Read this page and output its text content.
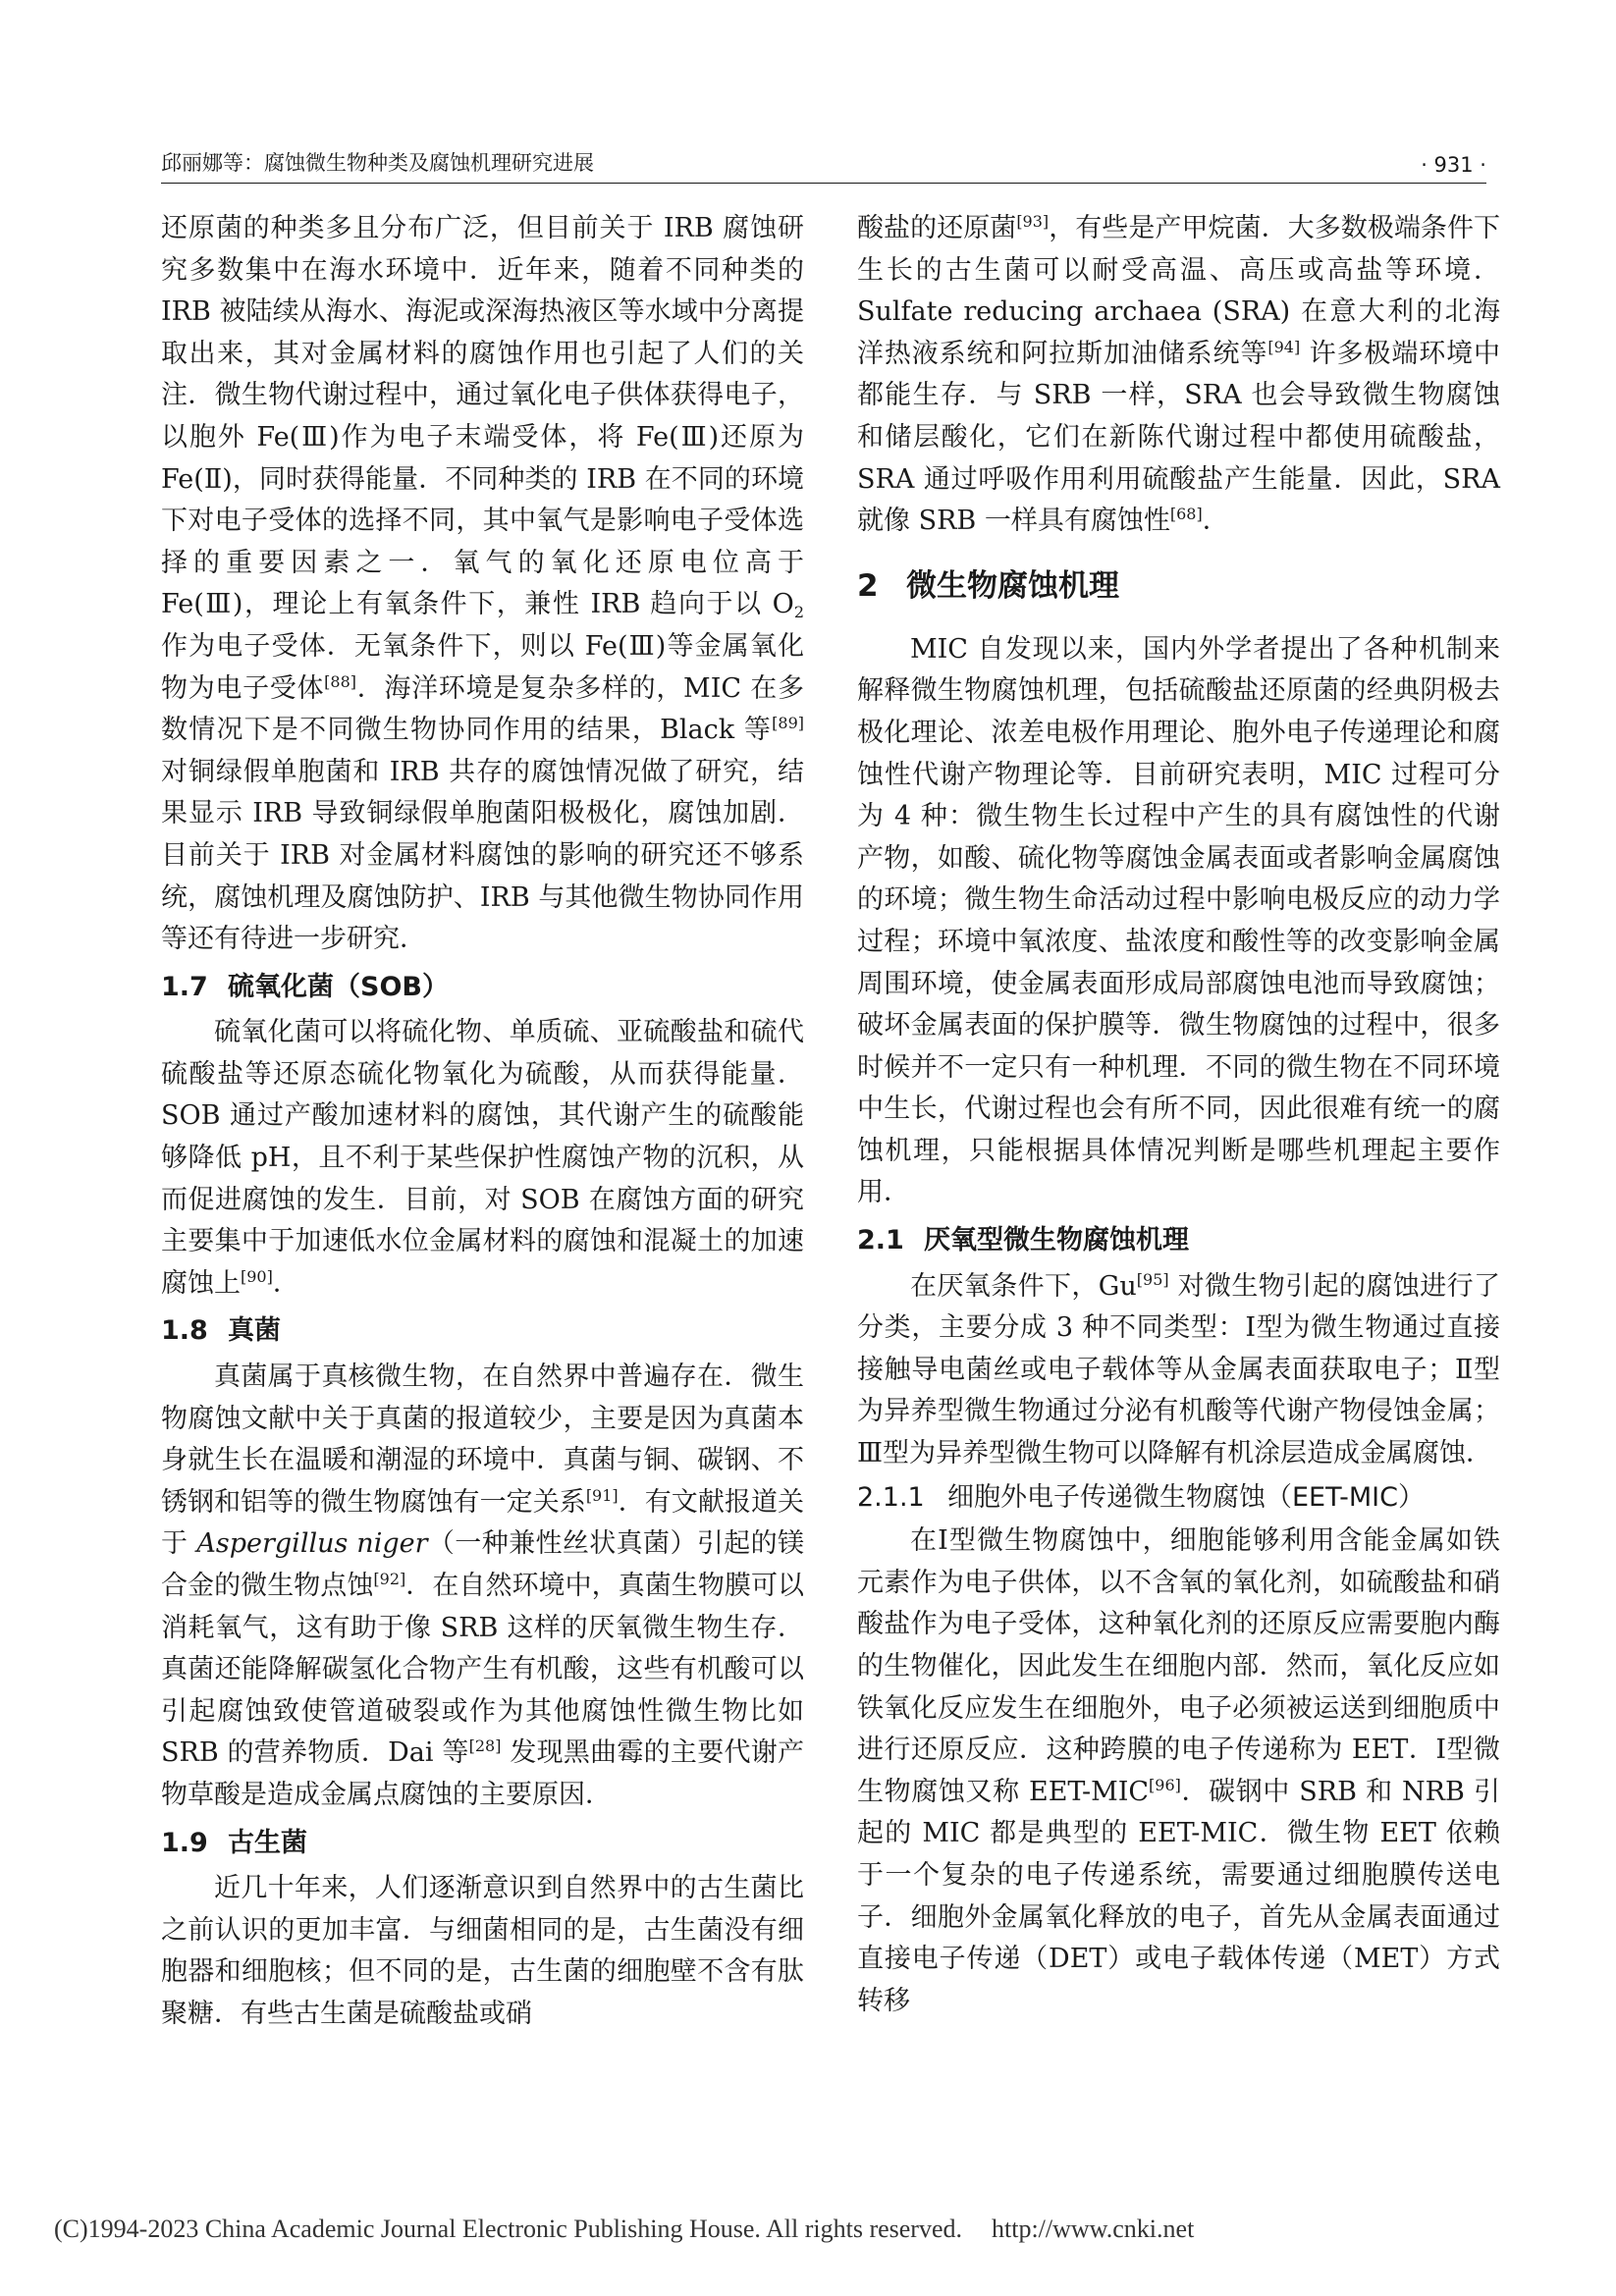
邱丽娜等：腐蚀微生物种类及腐蚀机理研究进展	· 931 ·

还原菌的种类多且分布广泛，但目前关于 IRB 腐蚀研究多数集中在海水环境中．近年来，随着不同种类的 IRB 被陆续从海水、海泥或深海热液区等水域中分离提取出来，其对金属材料的腐蚀作用也引起了人们的关注．微生物代谢过程中，通过氧化电子供体获得电子，以胞外 Fe(Ⅲ)作为电子末端受体，将 Fe(Ⅲ)还原为 Fe(Ⅱ)，同时获得能量．不同种类的 IRB 在不同的环境下对电子受体的选择不同，其中氧气是影响电子受体选择的重要因素之一．氧气的氧化还原电位高于 Fe(Ⅲ)，理论上有氧条件下，兼性 IRB 趋向于以 $O_2$ 作为电子受体．无氧条件下，则以 Fe(Ⅲ)等金属氧化物为电子受体[88]．海洋环境是复杂多样的，MIC 在多数情况下是不同微生物协同作用的结果，Black 等[89] 对铜绿假单胞菌和 IRB 共存的腐蚀情况做了研究，结果显示 IRB 导致铜绿假单胞菌阳极极化，腐蚀加剧．目前关于 IRB 对金属材料腐蚀的影响的研究还不够系统，腐蚀机理及腐蚀防护、IRB 与其他微生物协同作用等还有待进一步研究．

1.7 硫氧化菌（SOB）

硫氧化菌可以将硫化物、单质硫、亚硫酸盐和硫代硫酸盐等还原态硫化物氧化为硫酸，从而获得能量．SOB 通过产酸加速材料的腐蚀，其代谢产生的硫酸能够降低 pH，且不利于某些保护性腐蚀产物的沉积，从而促进腐蚀的发生．目前，对 SOB 在腐蚀方面的研究主要集中于加速低水位金属材料的腐蚀和混凝土的加速腐蚀上[90]．

1.8 真菌

真菌属于真核微生物，在自然界中普遍存在．微生物腐蚀文献中关于真菌的报道较少，主要是因为真菌本身就生长在温暖和潮湿的环境中．真菌与铜、碳钢、不锈钢和铝等的微生物腐蚀有一定关系[91]．有文献报道关于 Aspergillus niger（一种兼性丝状真菌）引起的镁合金的微生物点蚀[92]．在自然环境中，真菌生物膜可以消耗氧气，这有助于像 SRB 这样的厌氧微生物生存．真菌还能降解碳氢化合物产生有机酸，这些有机酸可以引起腐蚀致使管道破裂或作为其他腐蚀性微生物比如 SRB 的营养物质．Dai 等[28] 发现黑曲霉的主要代谢产物草酸是造成金属点腐蚀的主要原因．

1.9 古生菌

近几十年来，人们逐渐意识到自然界中的古生菌比之前认识的更加丰富．与细菌相同的是，古生菌没有细胞器和细胞核；但不同的是，古生菌的细胞壁不含有肽聚糖．有些古生菌是硫酸盐或硝

酸盐的还原菌[93]，有些是产甲烷菌．大多数极端条件下生长的古生菌可以耐受高温、高压或高盐等环境．Sulfate reducing archaea (SRA) 在意大利的北海洋热液系统和阿拉斯加油储系统等[94] 许多极端环境中都能生存．与 SRB 一样，SRA 也会导致微生物腐蚀和储层酸化，它们在新陈代谢过程中都使用硫酸盐，SRA 通过呼吸作用利用硫酸盐产生能量．因此，SRA 就像 SRB 一样具有腐蚀性[68]．

2 微生物腐蚀机理

MIC 自发现以来，国内外学者提出了各种机制来解释微生物腐蚀机理，包括硫酸盐还原菌的经典阴极去极化理论、浓差电极作用理论、胞外电子传递理论和腐蚀性代谢产物理论等．目前研究表明，MIC 过程可分为 4 种：微生物生长过程中产生的具有腐蚀性的代谢产物，如酸、硫化物等腐蚀金属表面或者影响金属腐蚀的环境；微生物生命活动过程中影响电极反应的动力学过程；环境中氧浓度、盐浓度和酸性等的改变影响金属周围环境，使金属表面形成局部腐蚀电池而导致腐蚀；破坏金属表面的保护膜等．微生物腐蚀的过程中，很多时候并不一定只有一种机理．不同的微生物在不同环境中生长，代谢过程也会有所不同，因此很难有统一的腐蚀机理，只能根据具体情况判断是哪些机理起主要作用．

2.1 厌氧型微生物腐蚀机理

在厌氧条件下，Gu[95] 对微生物引起的腐蚀进行了分类，主要分成 3 种不同类型：Ⅰ型为微生物通过直接接触导电菌丝或电子载体等从金属表面获取电子；Ⅱ型为异养型微生物通过分泌有机酸等代谢产物侵蚀金属；Ⅲ型为异养型微生物可以降解有机涂层造成金属腐蚀．

2.1.1 细胞外电子传递微生物腐蚀（EET-MIC）

在Ⅰ型微生物腐蚀中，细胞能够利用含能金属如铁元素作为电子供体，以不含氧的氧化剂，如硫酸盐和硝酸盐作为电子受体，这种氧化剂的还原反应需要胞内酶的生物催化，因此发生在细胞内部．然而，氧化反应如铁氧化反应发生在细胞外，电子必须被运送到细胞质中进行还原反应．这种跨膜的电子传递称为 EET．Ⅰ型微生物腐蚀又称 EET-MIC[96]．碳钢中 SRB 和 NRB 引起的 MIC 都是典型的 EET-MIC．微生物 EET 依赖于一个复杂的电子传递系统，需要通过细胞膜传送电子．细胞外金属氧化释放的电子，首先从金属表面通过直接电子传递（DET）或电子载体传递（MET）方式转移

(C)1994-2023 China Academic Journal Electronic Publishing House. All rights reserved. http://www.cnki.net
